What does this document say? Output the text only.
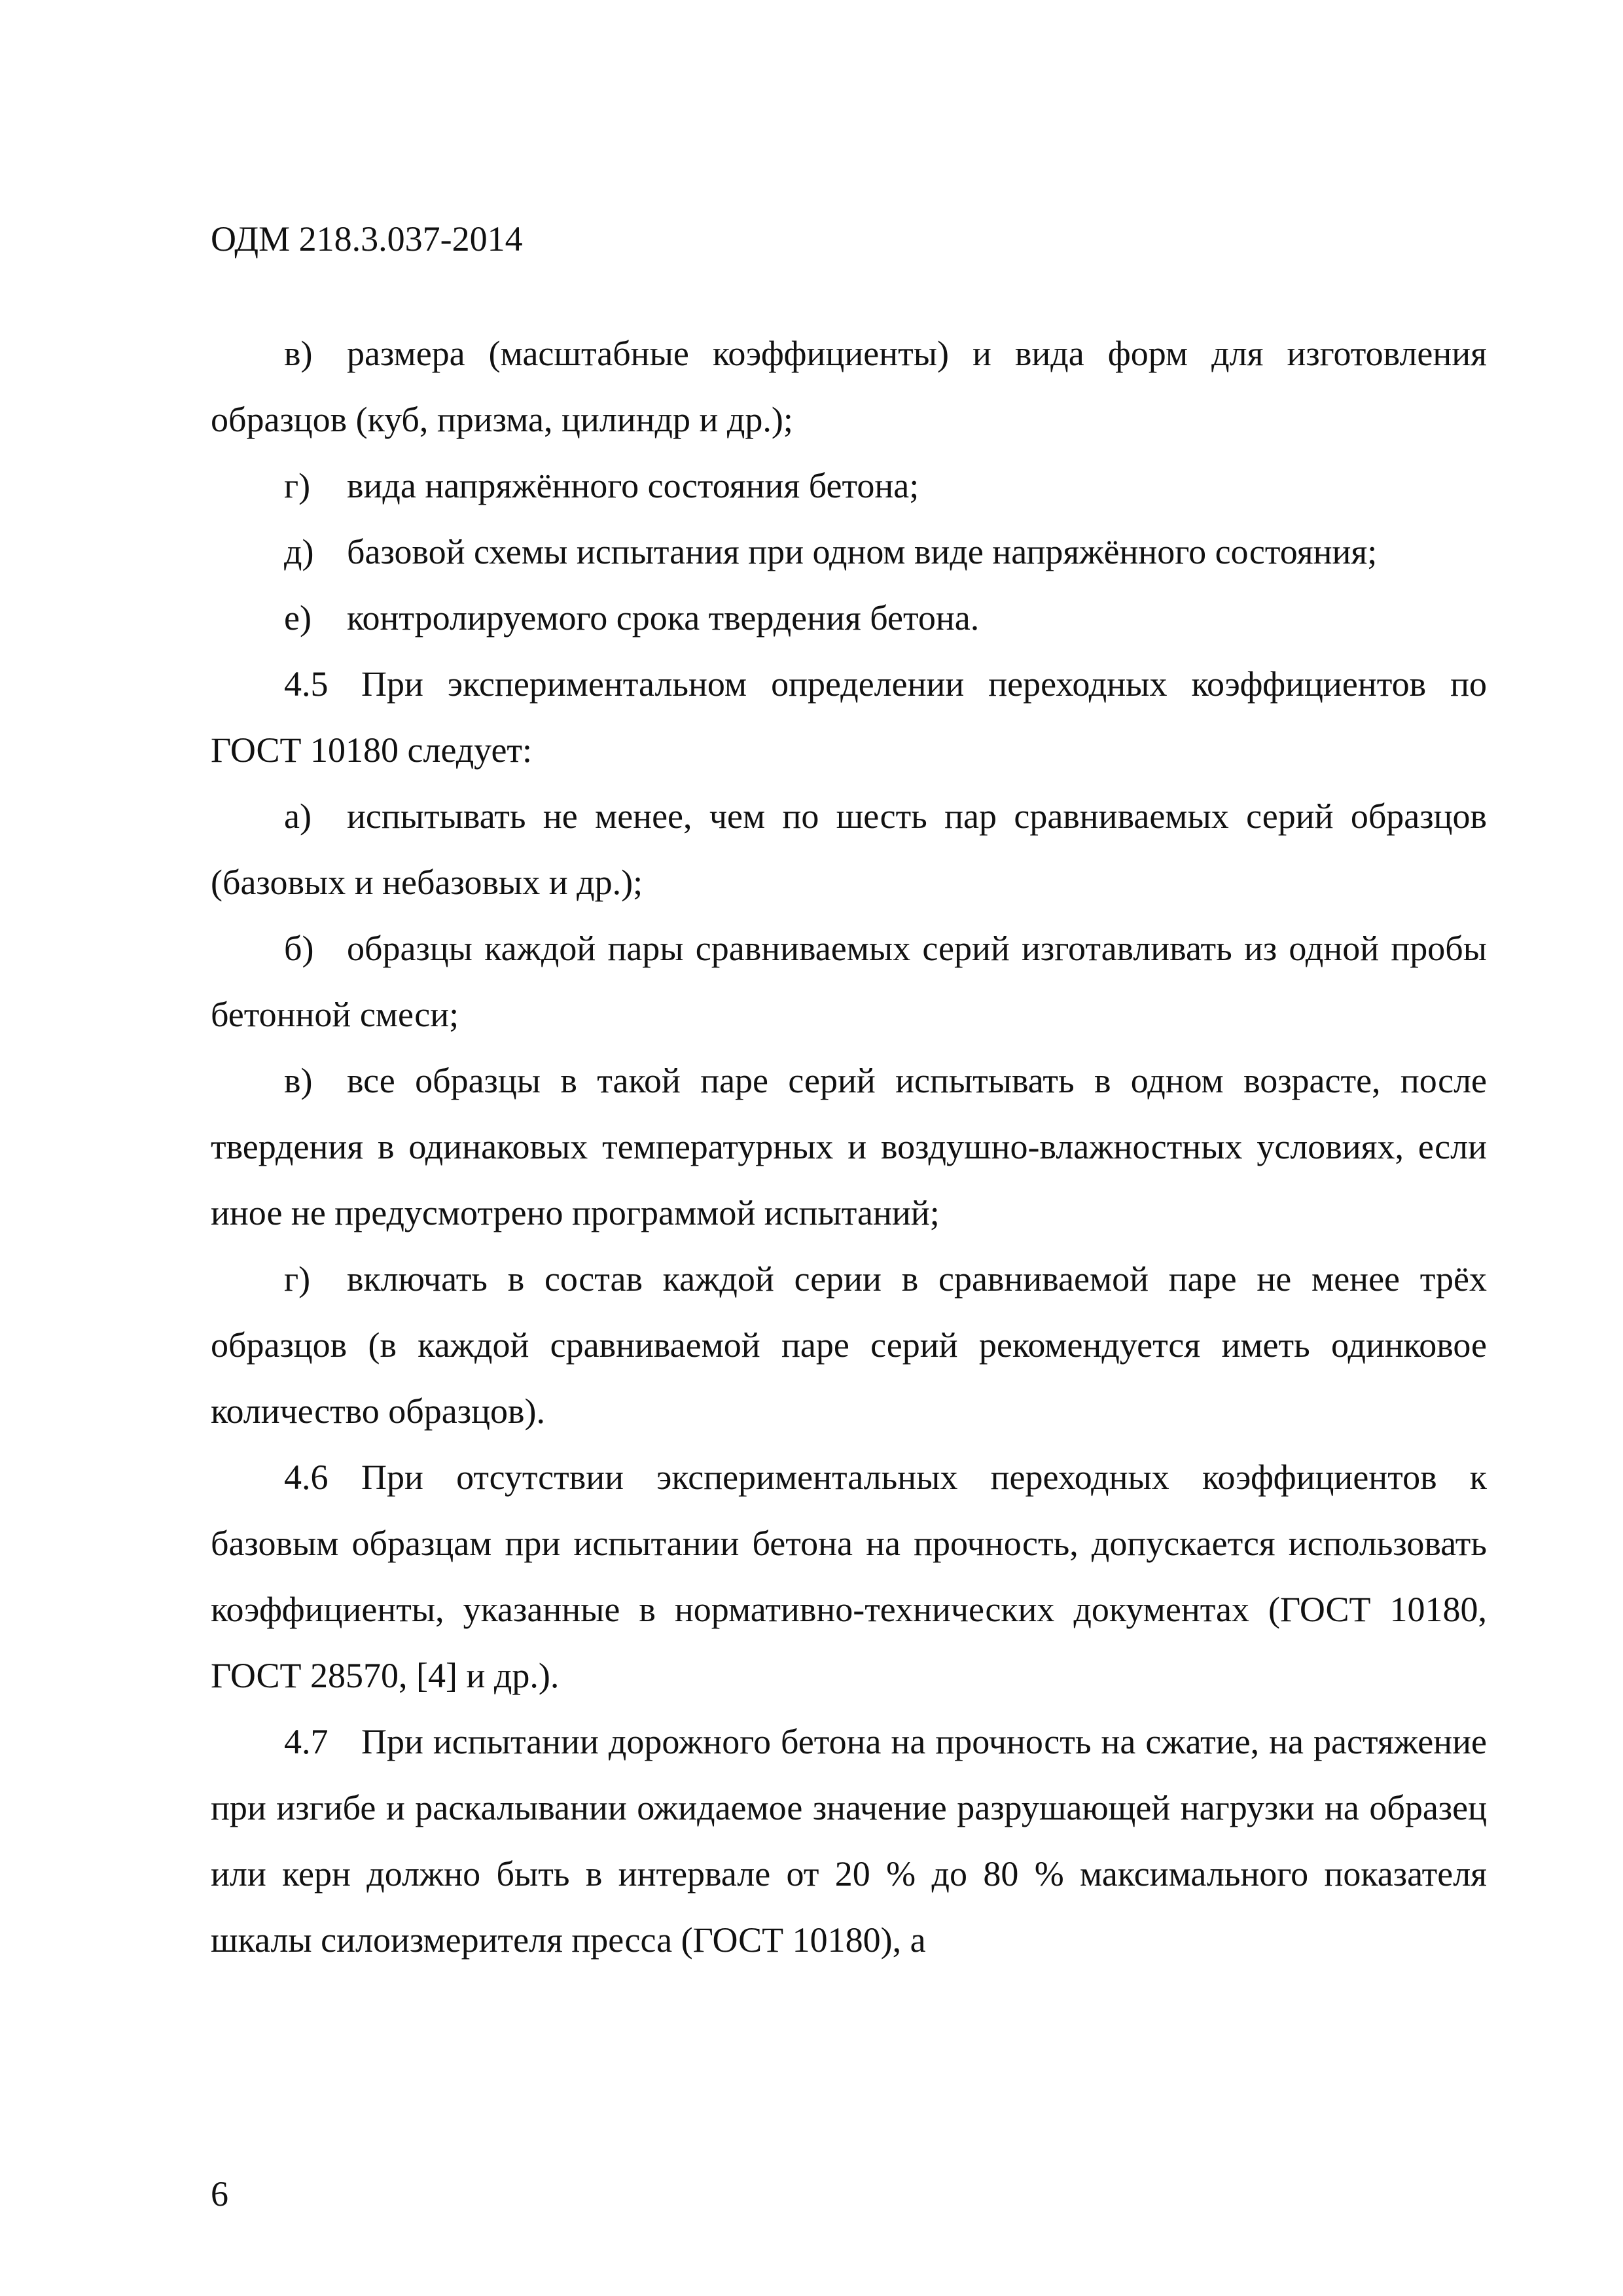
ОДМ 218.3.037-2014

в) размера (масштабные коэффициенты) и вида форм для изготовления образцов (куб, призма, цилиндр и др.);

г) вида напряжённого состояния бетона;

д) базовой схемы испытания при одном виде напряжённого состояния;

е) контролируемого срока твердения бетона.

4.5 При экспериментальном определении переходных коэффициентов по ГОСТ 10180 следует:

а) испытывать не менее, чем по шесть пар сравниваемых серий образцов (базовых и небазовых и др.);

б) образцы каждой пары сравниваемых серий изготавливать из одной пробы бетонной смеси;

в) все образцы в такой паре серий испытывать в одном возрасте, после твердения в одинаковых температурных и воздушно-влажностных условиях, если иное не предусмотрено программой испытаний;

г) включать в состав каждой серии в сравниваемой паре не менее трёх образцов (в каждой сравниваемой паре серий рекомендуется иметь одинковое количество образцов).

4.6 При отсутствии экспериментальных переходных коэффициентов к базовым образцам при испытании бетона на прочность, допускается использовать коэффициенты, указанные в нормативно-технических документах (ГОСТ 10180, ГОСТ 28570, [4] и др.).

4.7 При испытании дорожного бетона на прочность на сжатие, на растяжение при изгибе и раскалывании ожидаемое значение разрушающей нагрузки на образец или керн должно быть в интервале от 20 % до 80 % максимального показателя шкалы силоизмерителя пресса (ГОСТ 10180), а

6
